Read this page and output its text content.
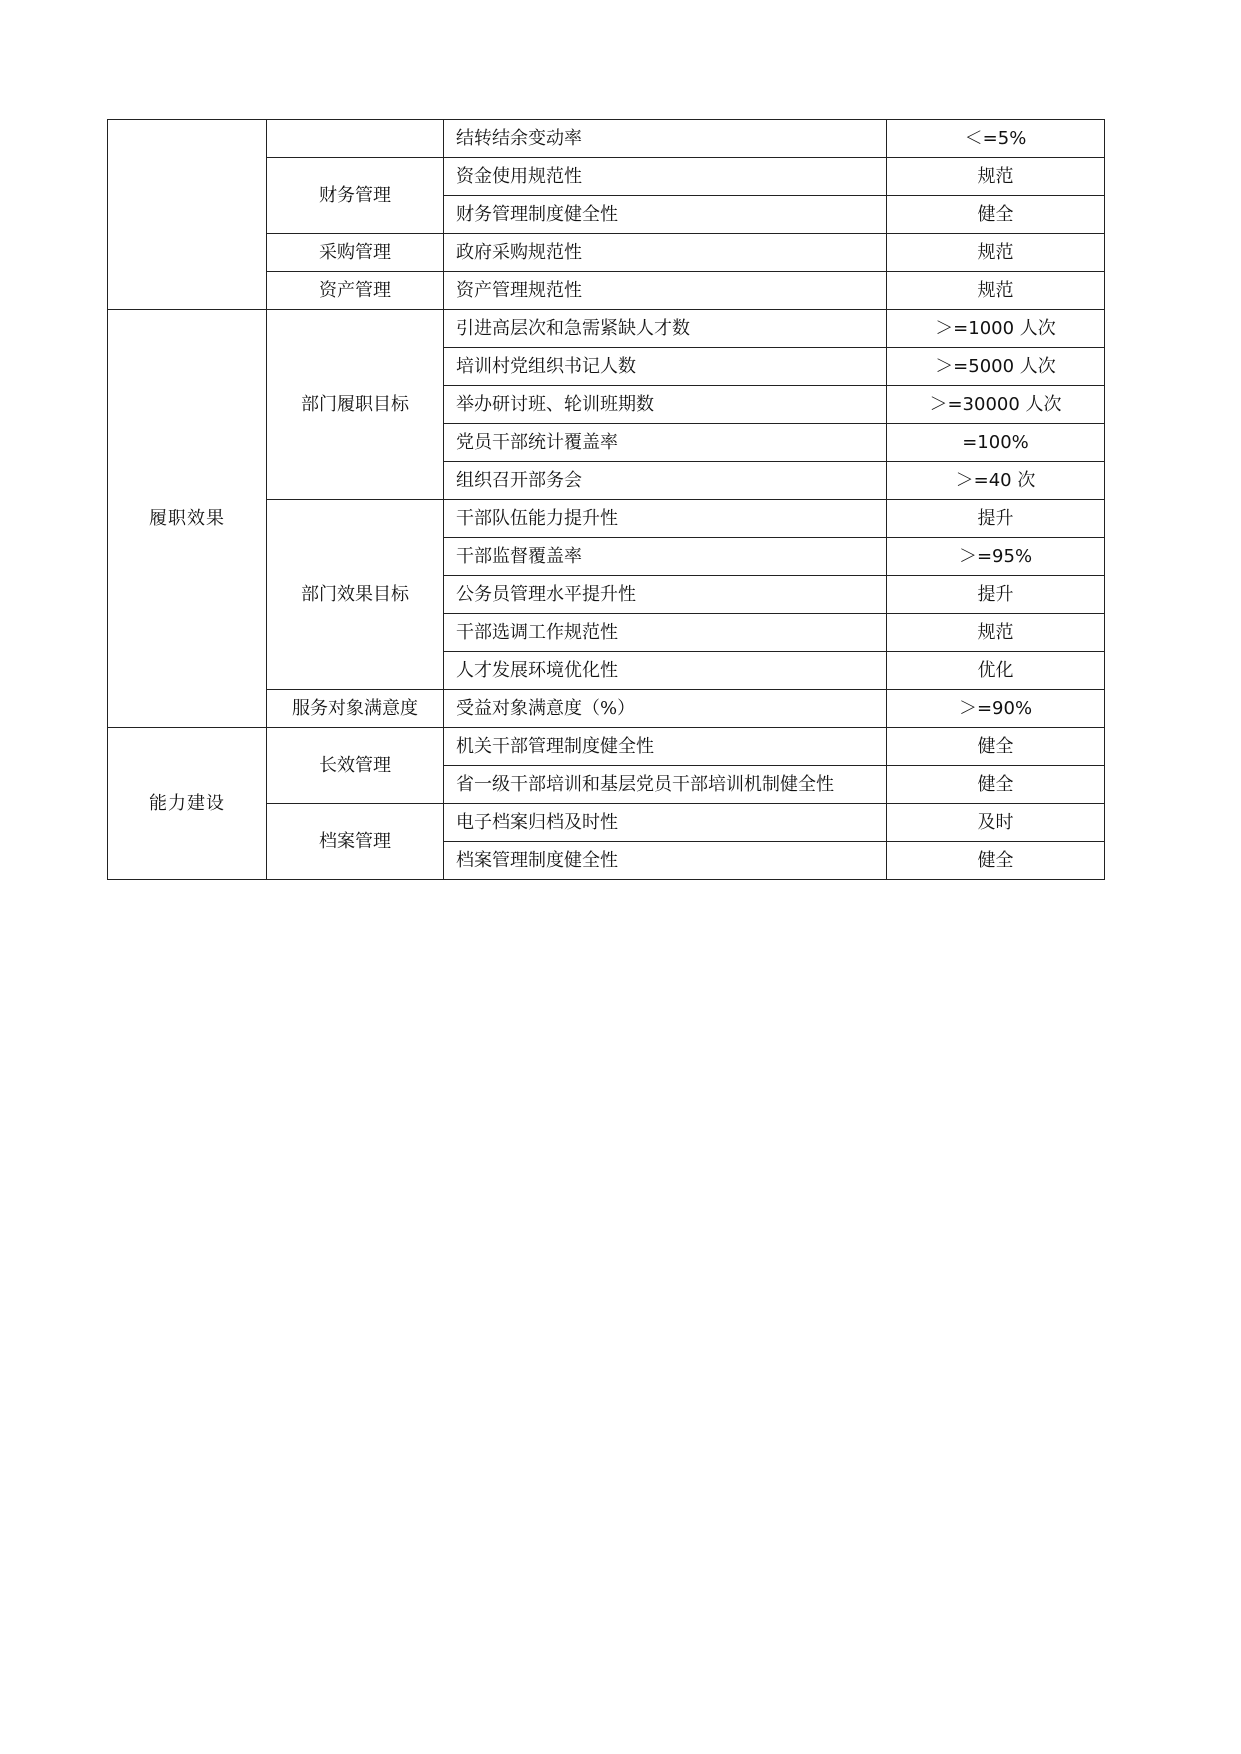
		结转结余变动率	＜=5%
	财务管理	资金使用规范性	规范
		财务管理制度健全性	健全
	采购管理	政府采购规范性	规范
	资产管理	资产管理规范性	规范
履职效果	部门履职目标	引进高层次和急需紧缺人才数	＞=1000 人次
		培训村党组织书记人数	＞=5000 人次
		举办研讨班、轮训班期数	＞=30000 人次
		党员干部统计覆盖率	=100%
		组织召开部务会	＞=40 次
	部门效果目标	干部队伍能力提升性	提升
		干部监督覆盖率	＞=95%
		公务员管理水平提升性	提升
		干部选调工作规范性	规范
		人才发展环境优化性	优化
	服务对象满意度	受益对象满意度（%）	＞=90%
能力建设	长效管理	机关干部管理制度健全性	健全
		省一级干部培训和基层党员干部培训机制健全性	健全
	档案管理	电子档案归档及时性	及时
		档案管理制度健全性	健全
